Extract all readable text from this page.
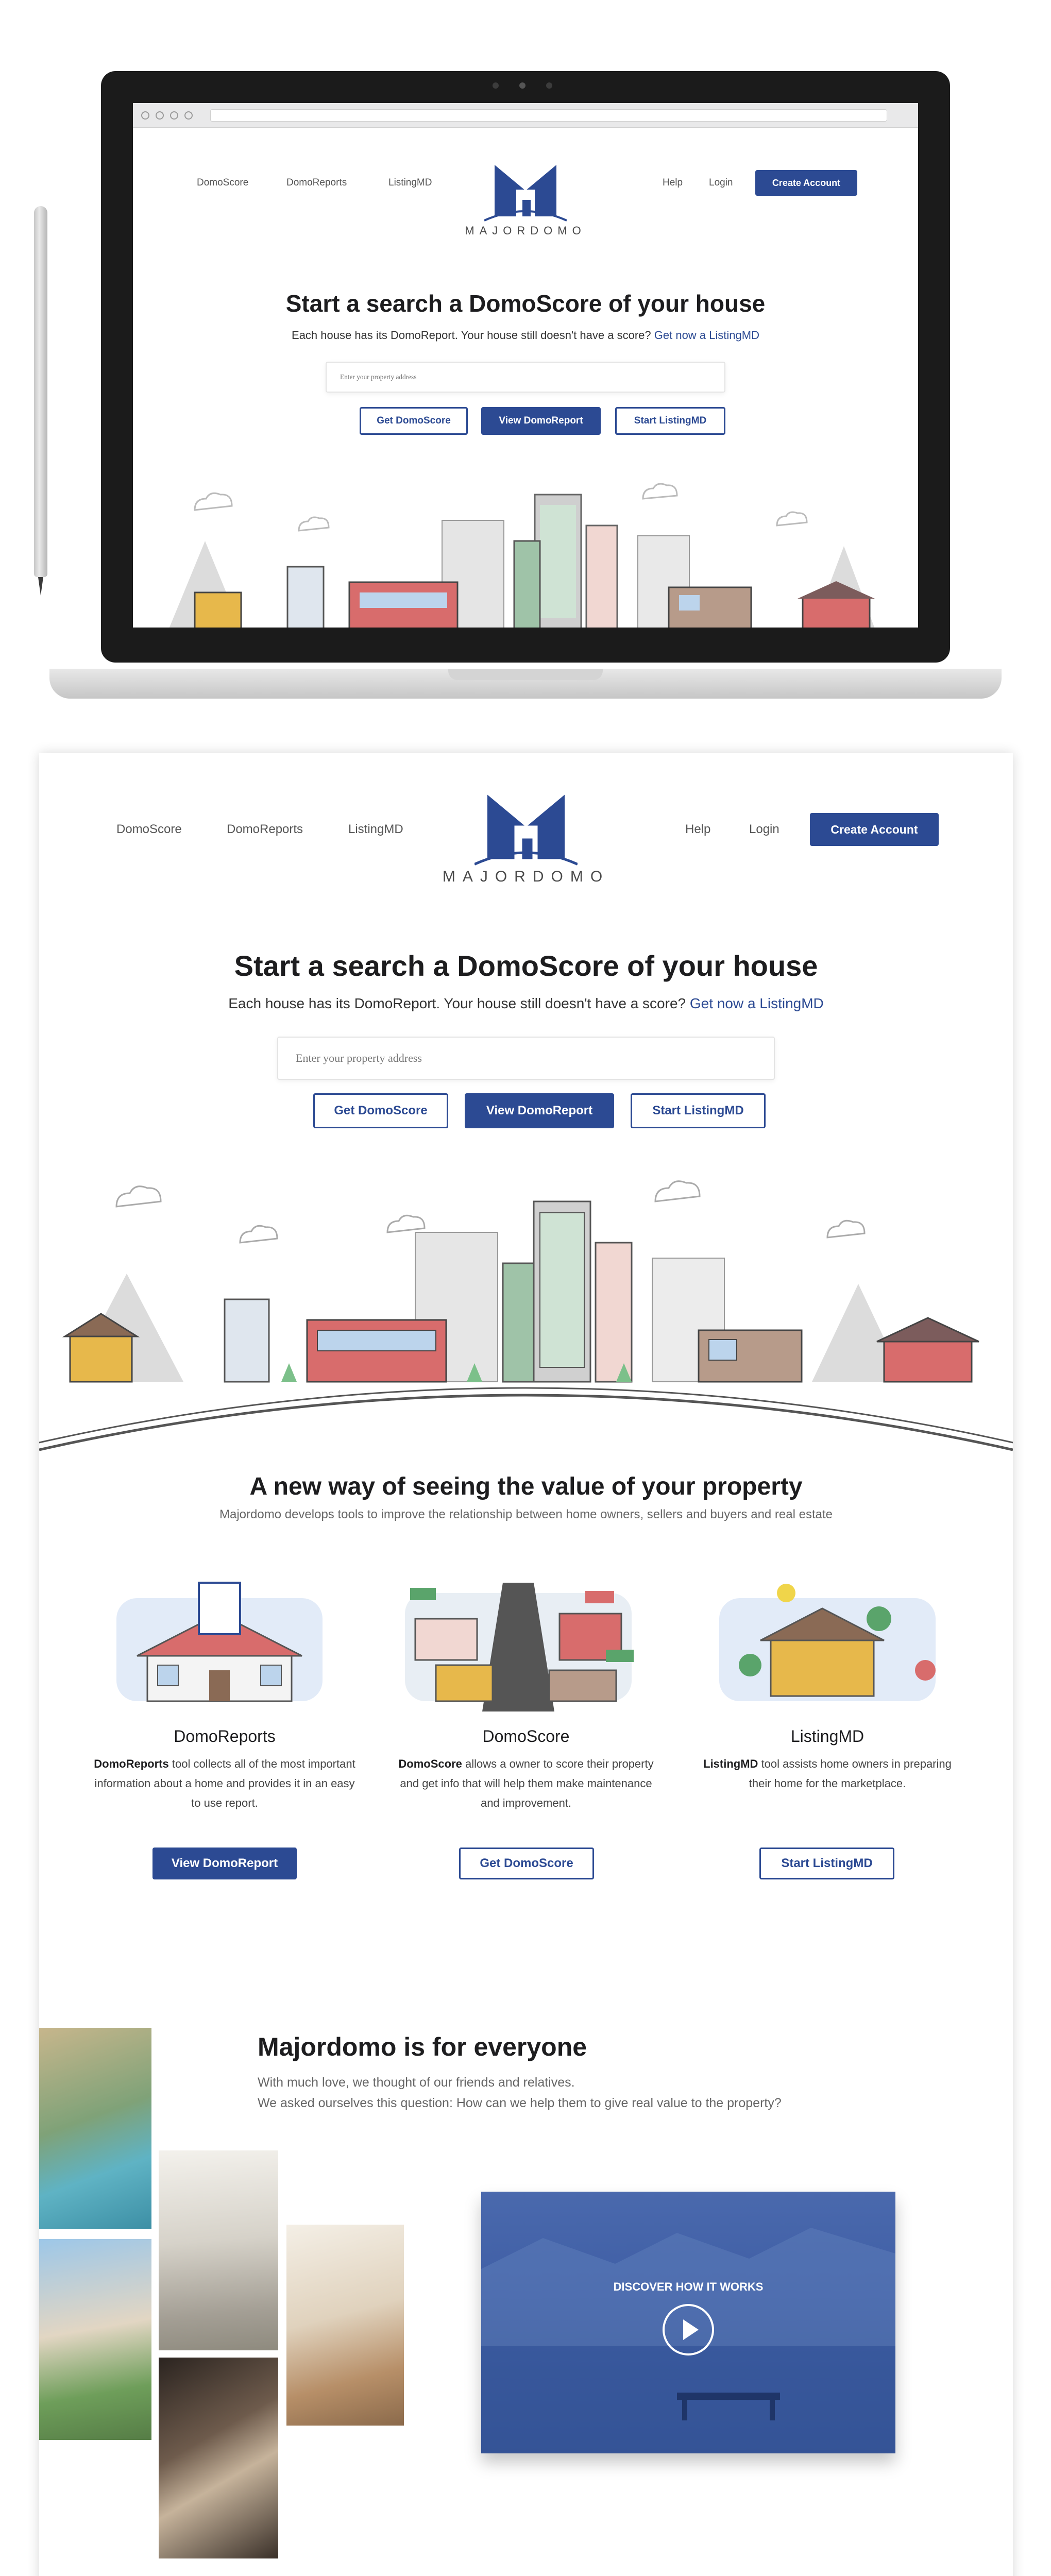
DomoScore	DomoReports	ListingMD
MAJORDOMO
Help	Login	Create Account
Start a search a DomoScore of your house
Each house has its DomoReport. Your house still doesn't have a score? Get now a ListingMD
Enter your property address
Get DomoScore	View DomoReport	Start ListingMD
DomoScore	DomoReports	ListingMD
MAJORDOMO
Help	Login	Create Account
Start a search a DomoScore of your house
Each house has its DomoReport. Your house still doesn't have a score? Get now a ListingMD
Enter your property address
Get DomoScore	View DomoReport	Start ListingMD
A new way of seeing the value of your property
Majordomo develops tools to improve the relationship between home owners, sellers and buyers and real estate
DomoReports
DomoReports tool collects all of the most important information about a home and provides it in an easy to use report.
View DomoReport
DomoScore
DomoScore allows a owner to score their property and get info that will help them make maintenance and improvement.
Get DomoScore
ListingMD
ListingMD tool assists home owners in preparing their home for the marketplace.
Start ListingMD
Majordomo is for everyone
With much love, we thought of our friends and relatives.
We asked ourselves this question: How can we help them to give real value to the property?
DISCOVER HOW IT WORKS
